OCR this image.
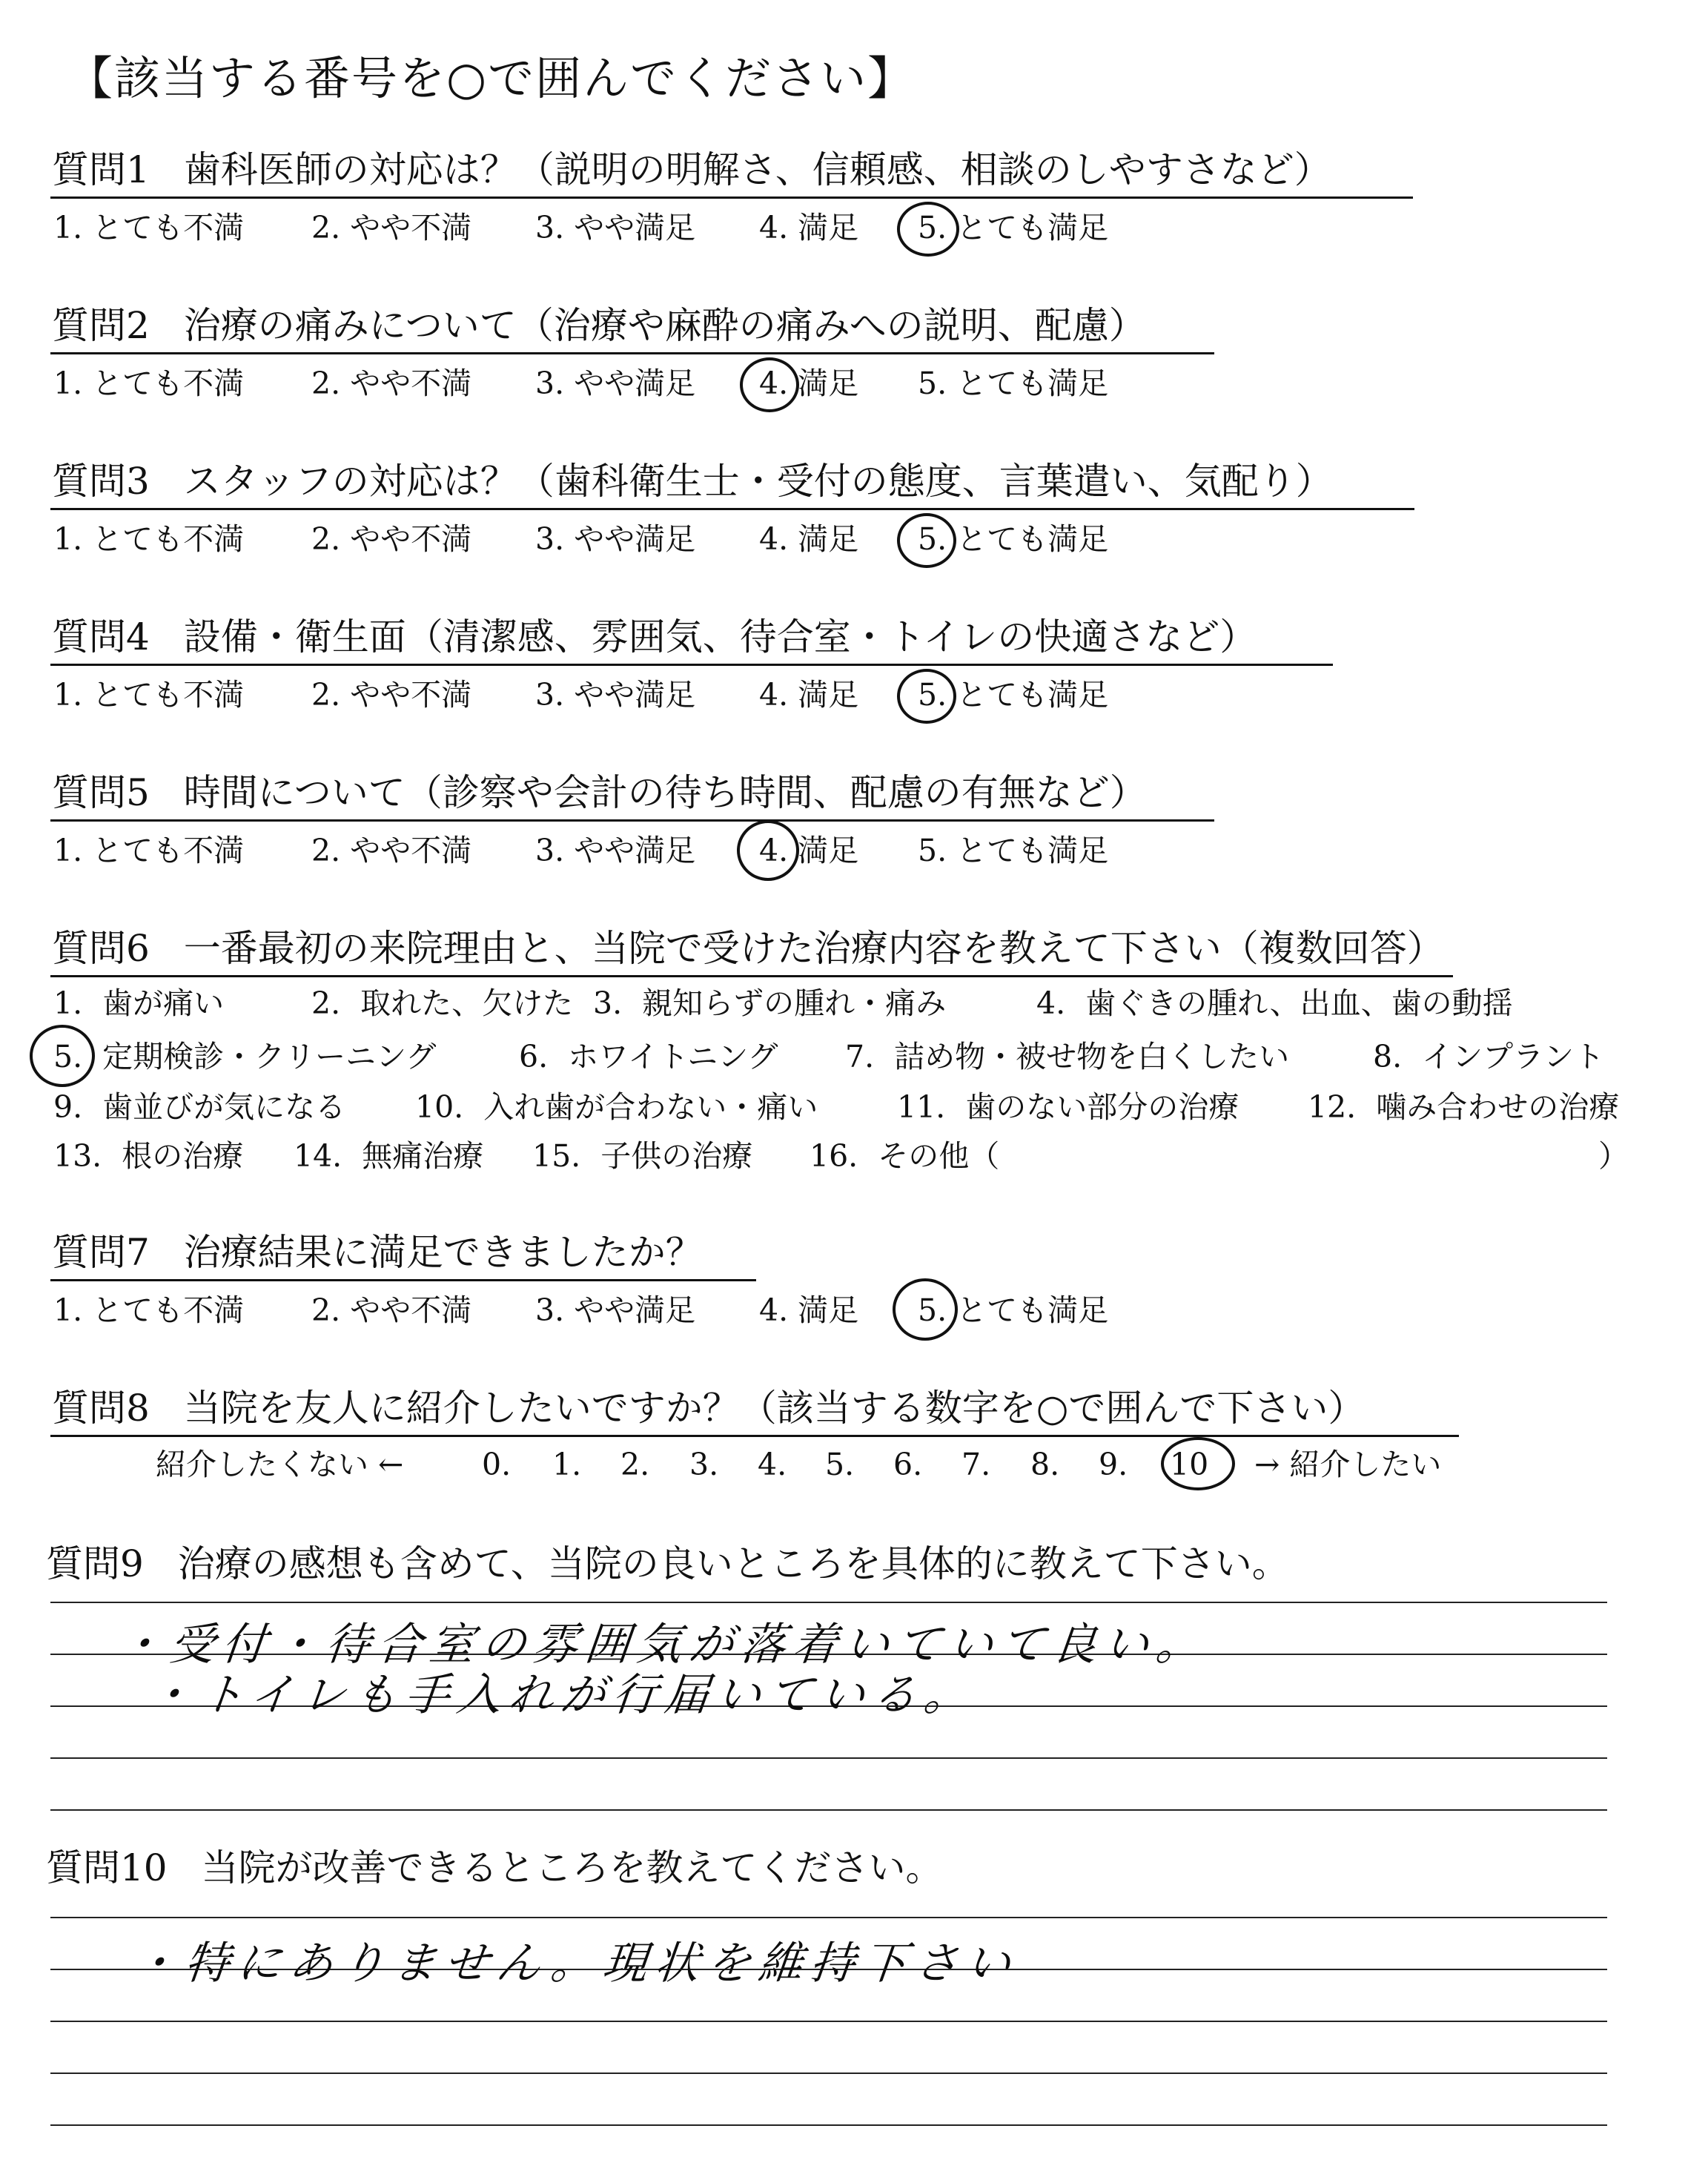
【該当する番号を○で囲んでください】
質問1 歯科医師の対応は？（説明の明解さ、信頼感、相談のしやすさなど）
1. とても不満 2. やや不満 3. やや満足 4. 満足 5. とても満足
質問2 治療の痛みについて（治療や麻酔の痛みへの説明、配慮）
1. とても不満 2. やや不満 3. やや満足 4. 満足 5. とても満足
質問3 スタッフの対応は？（歯科衛生士・受付の態度、言葉遣い、気配り）
1. とても不満 2. やや不満 3. やや満足 4. 満足 5. とても満足
質問4 設備・衛生面（清潔感、雰囲気、待合室・トイレの快適さなど）
1. とても不満 2. やや不満 3. やや満足 4. 満足 5. とても満足
質問5 時間について（診察や会計の待ち時間、配慮の有無など）
1. とても不満 2. やや不満 3. やや満足 4. 満足 5. とても満足
質問6 一番最初の来院理由と、当院で受けた治療内容を教えて下さい（複数回答）
1. 歯が痛い	2. 取れた、欠けた 3. 親知らずの腫れ・痛み	4. 歯ぐきの腫れ、出血、歯の動揺
5. 定期検診・クリーニング	6. ホワイトニング 7. 詰め物・被せ物を白くしたい	8. インプラント
9. 歯並びが気になる 10. 入れ歯が合わない・痛い	11. 歯のない部分の治療 12. 噛み合わせの治療
13. 根の治療 14. 無痛治療 15. 子供の治療 16. その他（	）
質問7 治療結果に満足できましたか？
1. とても不満 2. やや不満 3. やや満足 4. 満足 5. とても満足
質問8 当院を友人に紹介したいですか？（該当する数字を○で囲んで下さい）
紹介したくない ←	0. 1. 2. 3. 4. 5. 6. 7. 8. 9. 10 → 紹介したい
質問9 治療の感想も含めて、当院の良いところを具体的に教えて下さい。
・受付・待合室の雰囲気が落着いていて良い。
・トイレも手入れが行届いている。
質問10 当院が改善できるところを教えてください。
・特にありません。現状を維持下さい
